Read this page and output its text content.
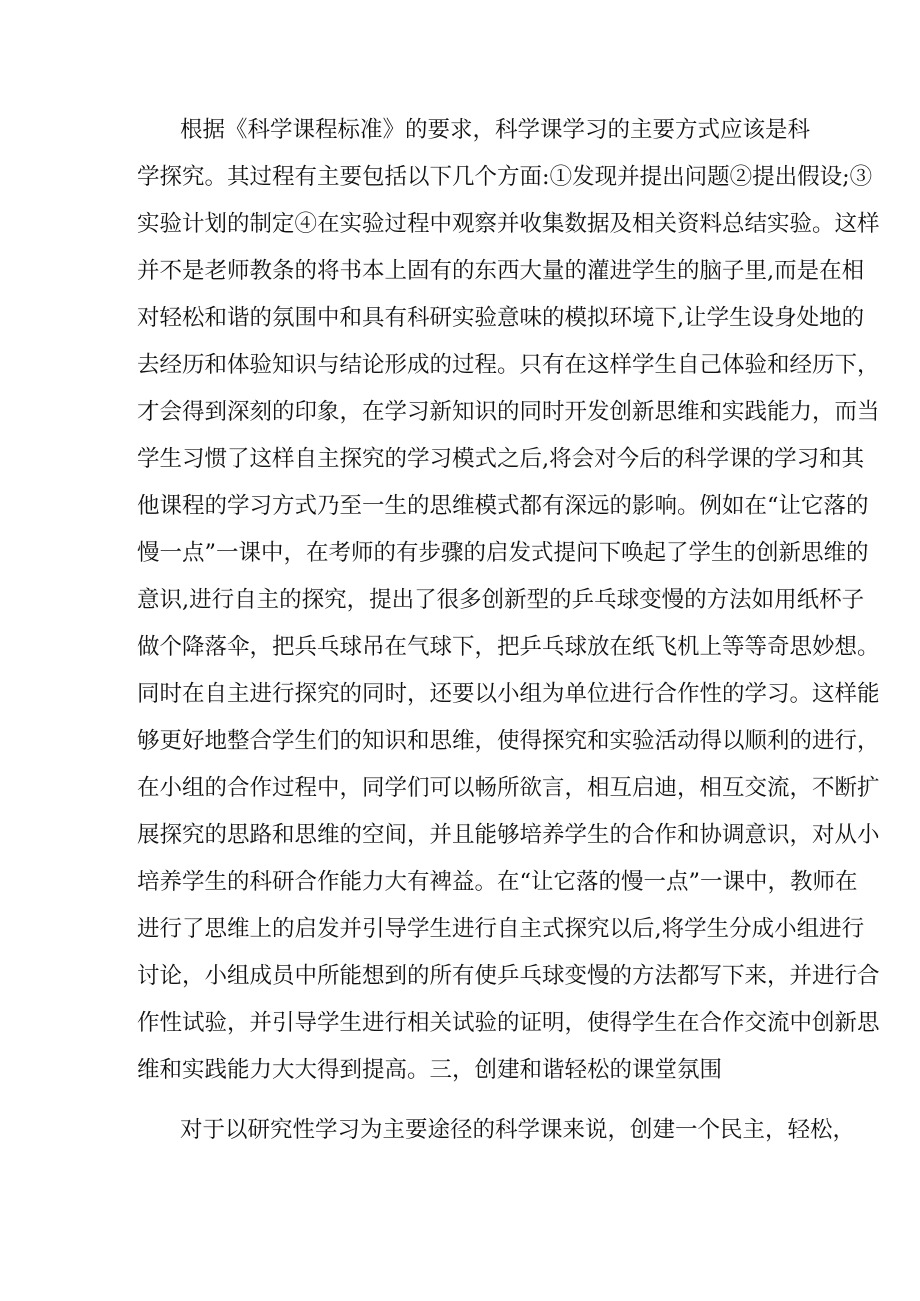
根据《科学课程标准》的要求，科学课学习的主要方式应该是科
学探究。其过程有主要包括以下几个方面:①发现并提出问题②提出假设;③
实验计划的制定④在实验过程中观察并收集数据及相关资料总结实验。这样
并不是老师教条的将书本上固有的东西大量的灌进学生的脑子里,而是在相
对轻松和谐的氛围中和具有科研实验意味的模拟环境下,让学生设身处地的
去经历和体验知识与结论形成的过程。只有在这样学生自己体验和经历下，
才会得到深刻的印象，在学习新知识的同时开发创新思维和实践能力，而当
学生习惯了这样自主探究的学习模式之后,将会对今后的科学课的学习和其
他课程的学习方式乃至一生的思维模式都有深远的影响。例如在“让它落的
慢一点”一课中，在考师的有步骤的启发式提问下唤起了学生的创新思维的
意识,进行自主的探究，提出了很多创新型的乒乓球变慢的方法如用纸杯子
做个降落伞，把兵乓球吊在气球下，把乒乓球放在纸飞机上等等奇思妙想。
同时在自主进行探究的同时，还要以小组为单位进行合作性的学习。这样能
够更好地整合学生们的知识和思维，使得探究和实验活动得以顺利的进行，
在小组的合作过程中，同学们可以畅所欲言，相互启迪，相互交流，不断扩
展探究的思路和思维的空间，并且能够培养学生的合作和协调意识，对从小
培养学生的科研合作能力大有裨益。在“让它落的慢一点”一课中，教师在
进行了思维上的启发并引导学生进行自主式探究以后,将学生分成小组进行
讨论，小组成员中所能想到的所有使乒乓球变慢的方法都写下来，并进行合
作性试验，并引导学生进行相关试验的证明，使得学生在合作交流中创新思
维和实践能力大大得到提高。三，创建和谐轻松的课堂氛围
对于以研究性学习为主要途径的科学课来说，创建一个民主，轻松，
